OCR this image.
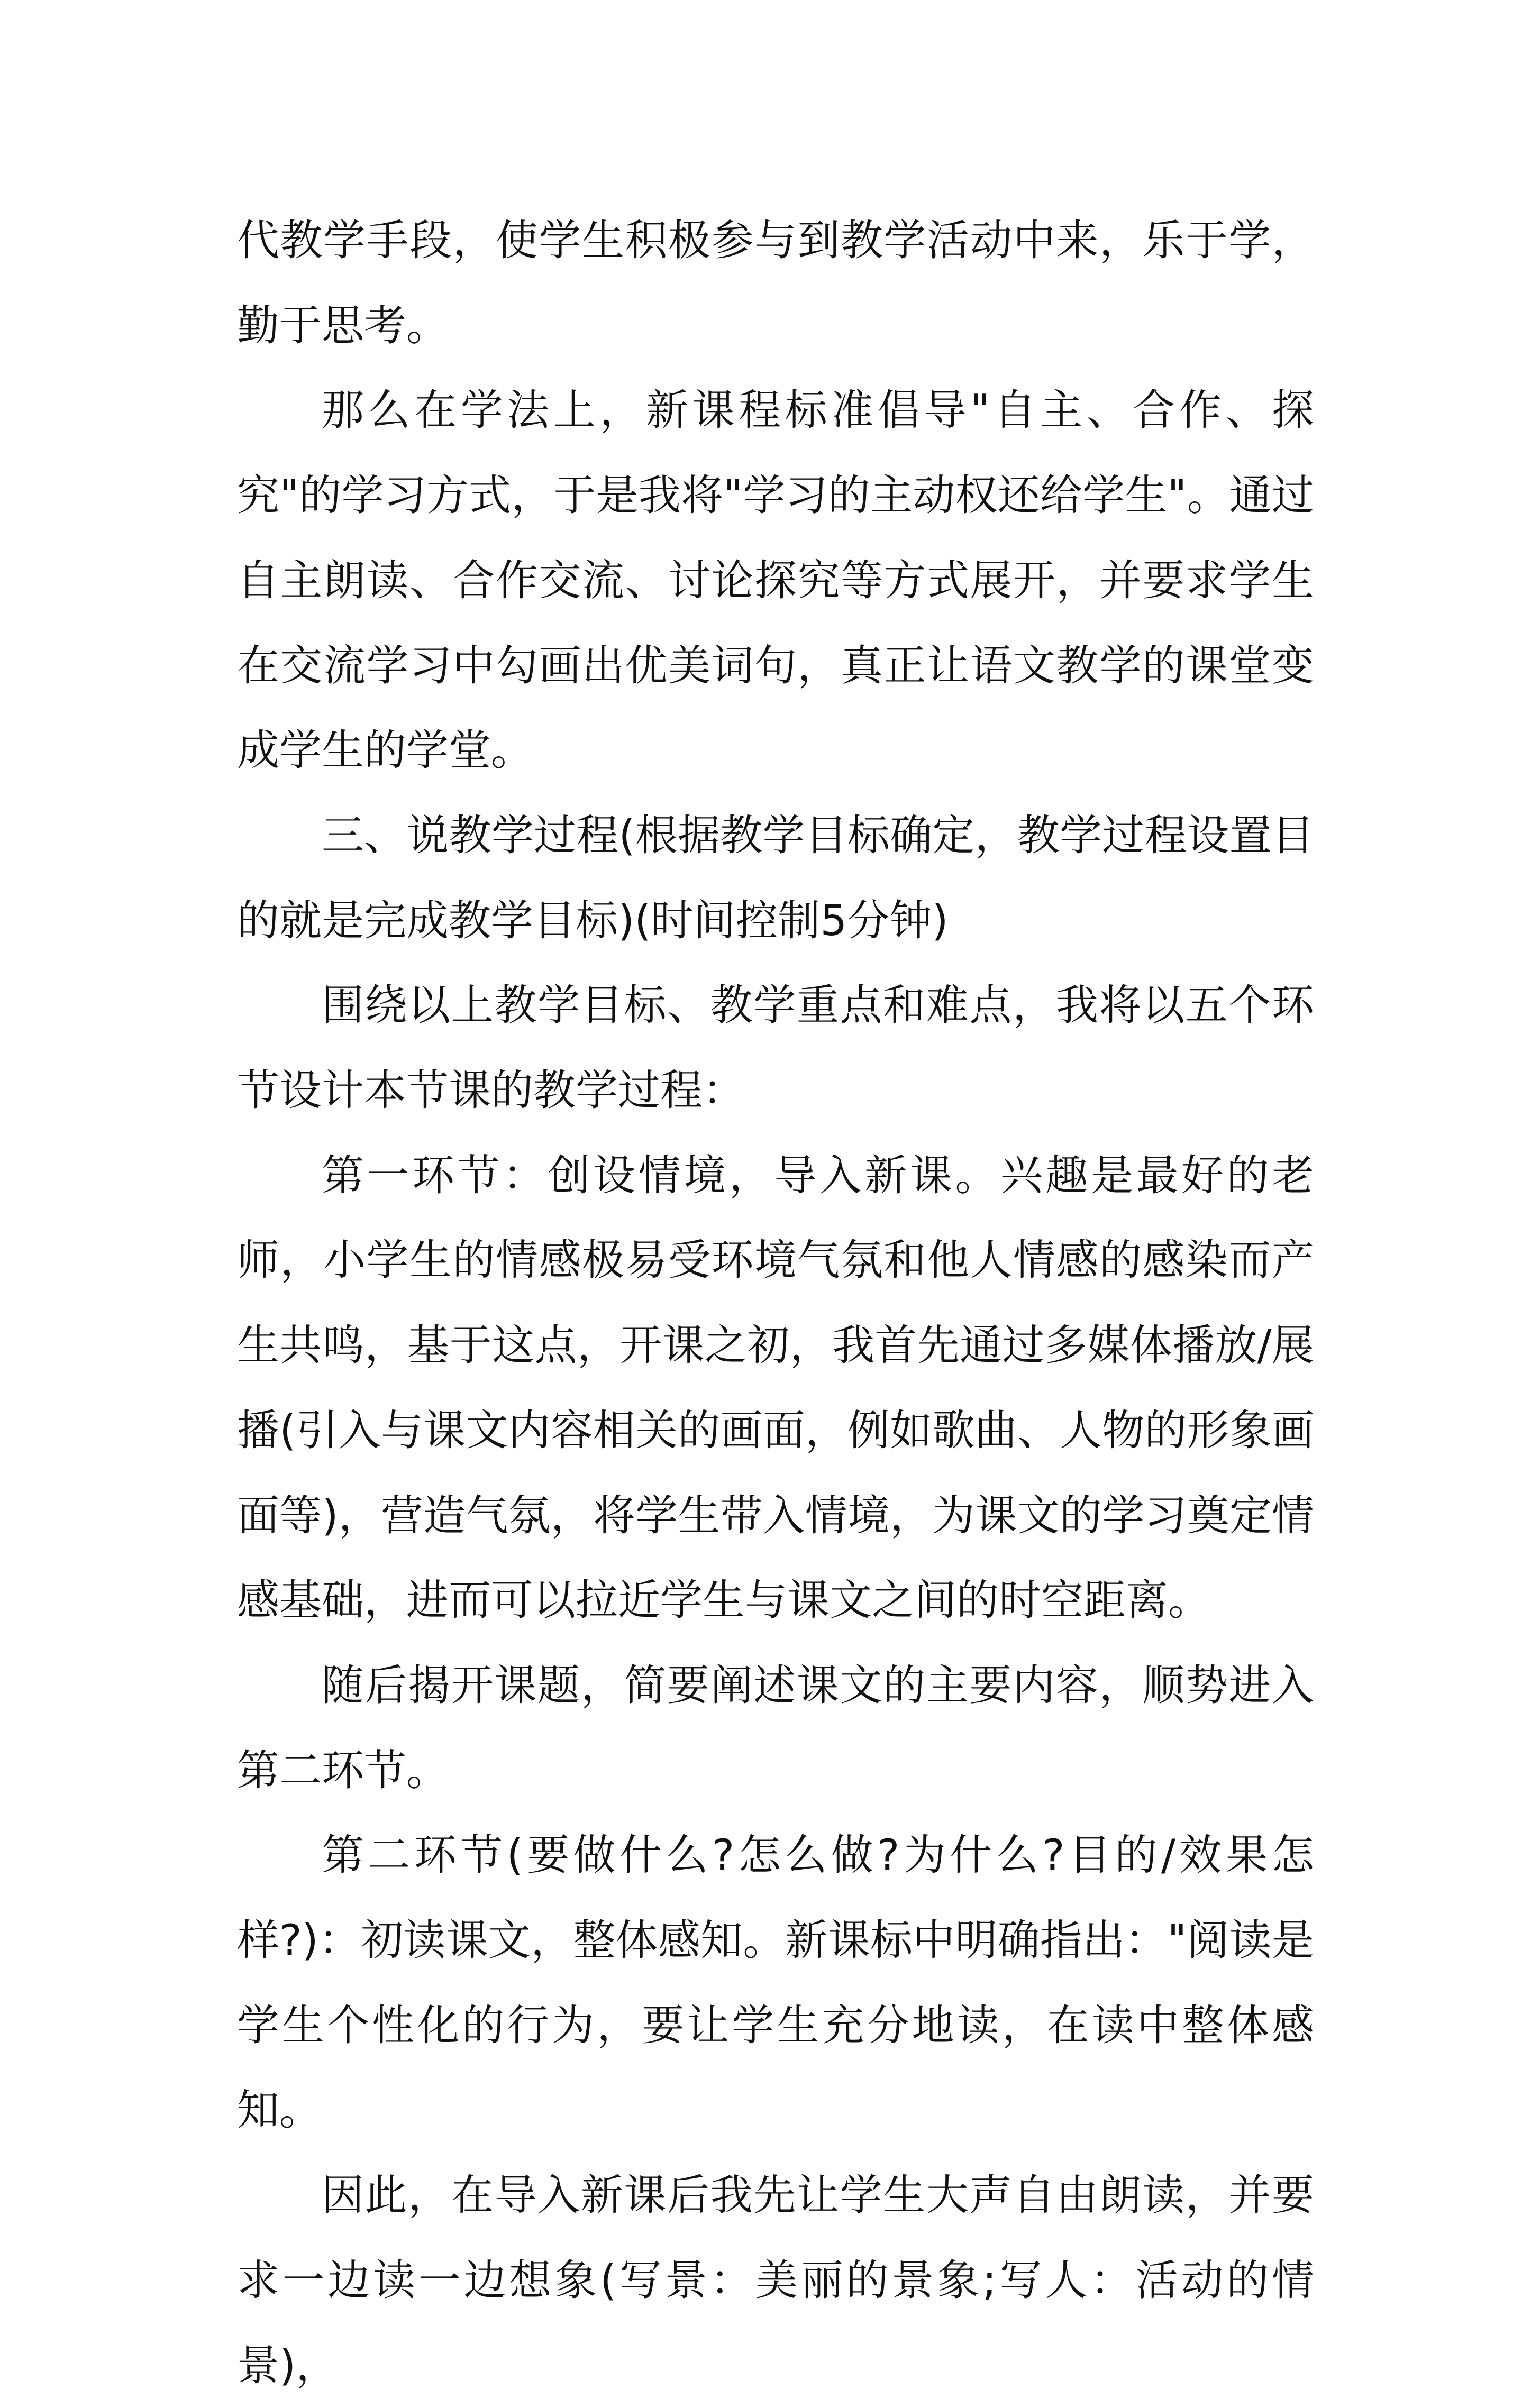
代教学手段，使学生积极参与到教学活动中来，乐于学，勤于思考。

那么在学法上，新课程标准倡导"自主、合作、探究"的学习方式，于是我将"学习的主动权还给学生"。通过自主朗读、合作交流、讨论探究等方式展开，并要求学生在交流学习中勾画出优美词句，真正让语文教学的课堂变成学生的学堂。

三、说教学过程(根据教学目标确定，教学过程设置目的就是完成教学目标)(时间控制5分钟)

围绕以上教学目标、教学重点和难点，我将以五个环节设计本节课的教学过程：

第一环节：创设情境，导入新课。兴趣是最好的老师，小学生的情感极易受环境气氛和他人情感的感染而产生共鸣，基于这点，开课之初，我首先通过多媒体播放/展播(引入与课文内容相关的画面，例如歌曲、人物的形象画面等)，营造气氛，将学生带入情境，为课文的学习奠定情感基础，进而可以拉近学生与课文之间的时空距离。

随后揭开课题，简要阐述课文的主要内容，顺势进入第二环节。

第二环节(要做什么?怎么做?为什么?目的/效果怎样?)：初读课文，整体感知。新课标中明确指出："阅读是学生个性化的行为，要让学生充分地读，在读中整体感知。

因此，在导入新课后我先让学生大声自由朗读，并要求一边读一边想象(写景：美丽的景象;写人：活动的情景)，
